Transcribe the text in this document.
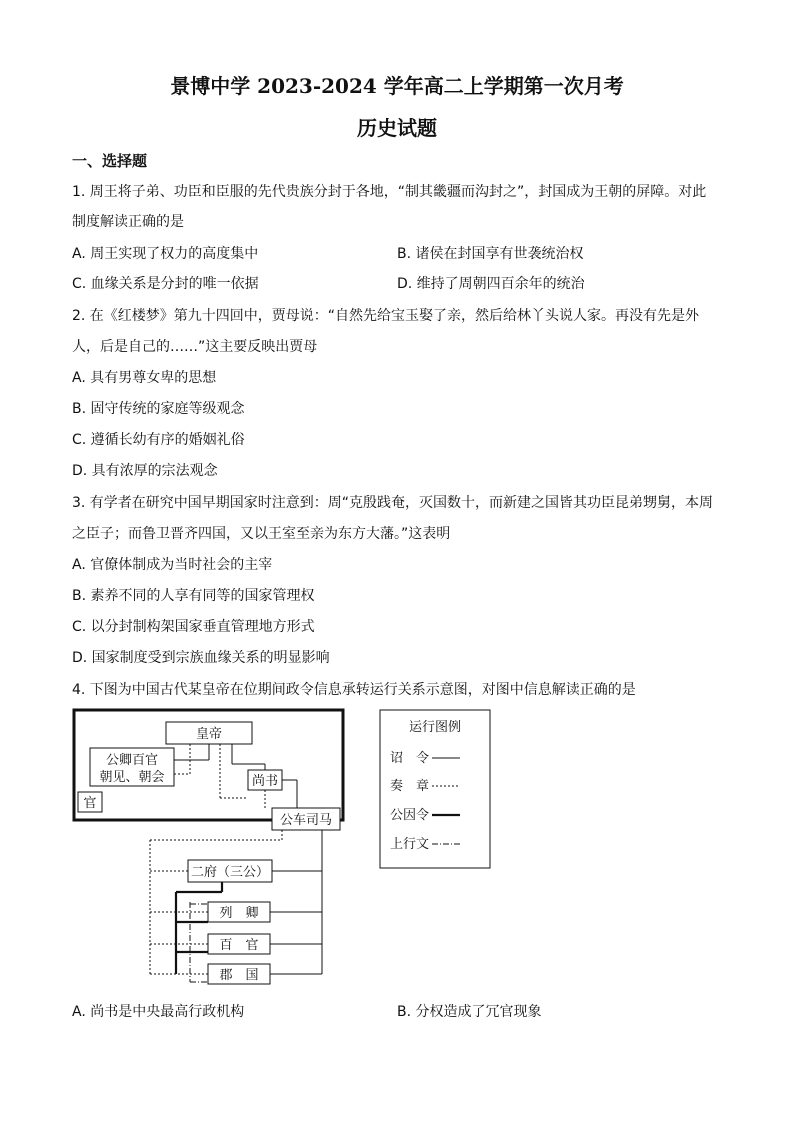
景博中学 2023-2024 学年高二上学期第一次月考
历史试题
一、选择题
1. 周王将子弟、功臣和臣服的先代贵族分封于各地，“制其畿疆而沟封之”，封国成为王朝的屏障。对此
制度解读正确的是
A. 周王实现了权力的高度集中	B. 诸侯在封国享有世袭统治权
C. 血缘关系是分封的唯一依据	D. 维持了周朝四百余年的统治
2. 在《红楼梦》第九十四回中，贾母说：“自然先给宝玉娶了亲，然后给林丫头说人家。再没有先是外
人，后是自己的……”这主要反映出贾母
A. 具有男尊女卑的思想
B. 固守传统的家庭等级观念
C. 遵循长幼有序的婚姻礼俗
D. 具有浓厚的宗法观念
3. 有学者在研究中国早期国家时注意到：周“克殷践奄，灭国数十，而新建之国皆其功臣昆弟甥舅，本周
之臣子；而鲁卫晋齐四国，又以王室至亲为东方大藩。”这表明
A. 官僚体制成为当时社会的主宰
B. 素养不同的人享有同等的国家管理权
C. 以分封制构架国家垂直管理地方形式
D. 国家制度受到宗族血缘关系的明显影响
4. 下图为中国古代某皇帝在位期间政令信息承转运行关系示意图，对图中信息解读正确的是
皇帝
公卿百官
朝见、朝会
官
尚书
公车司马
二府（三公）
列　卿
百　官
郡　国
运行图例
诏　令
奏　章
公因令
上行文
A. 尚书是中央最高行政机构	B. 分权造成了冗官现象
